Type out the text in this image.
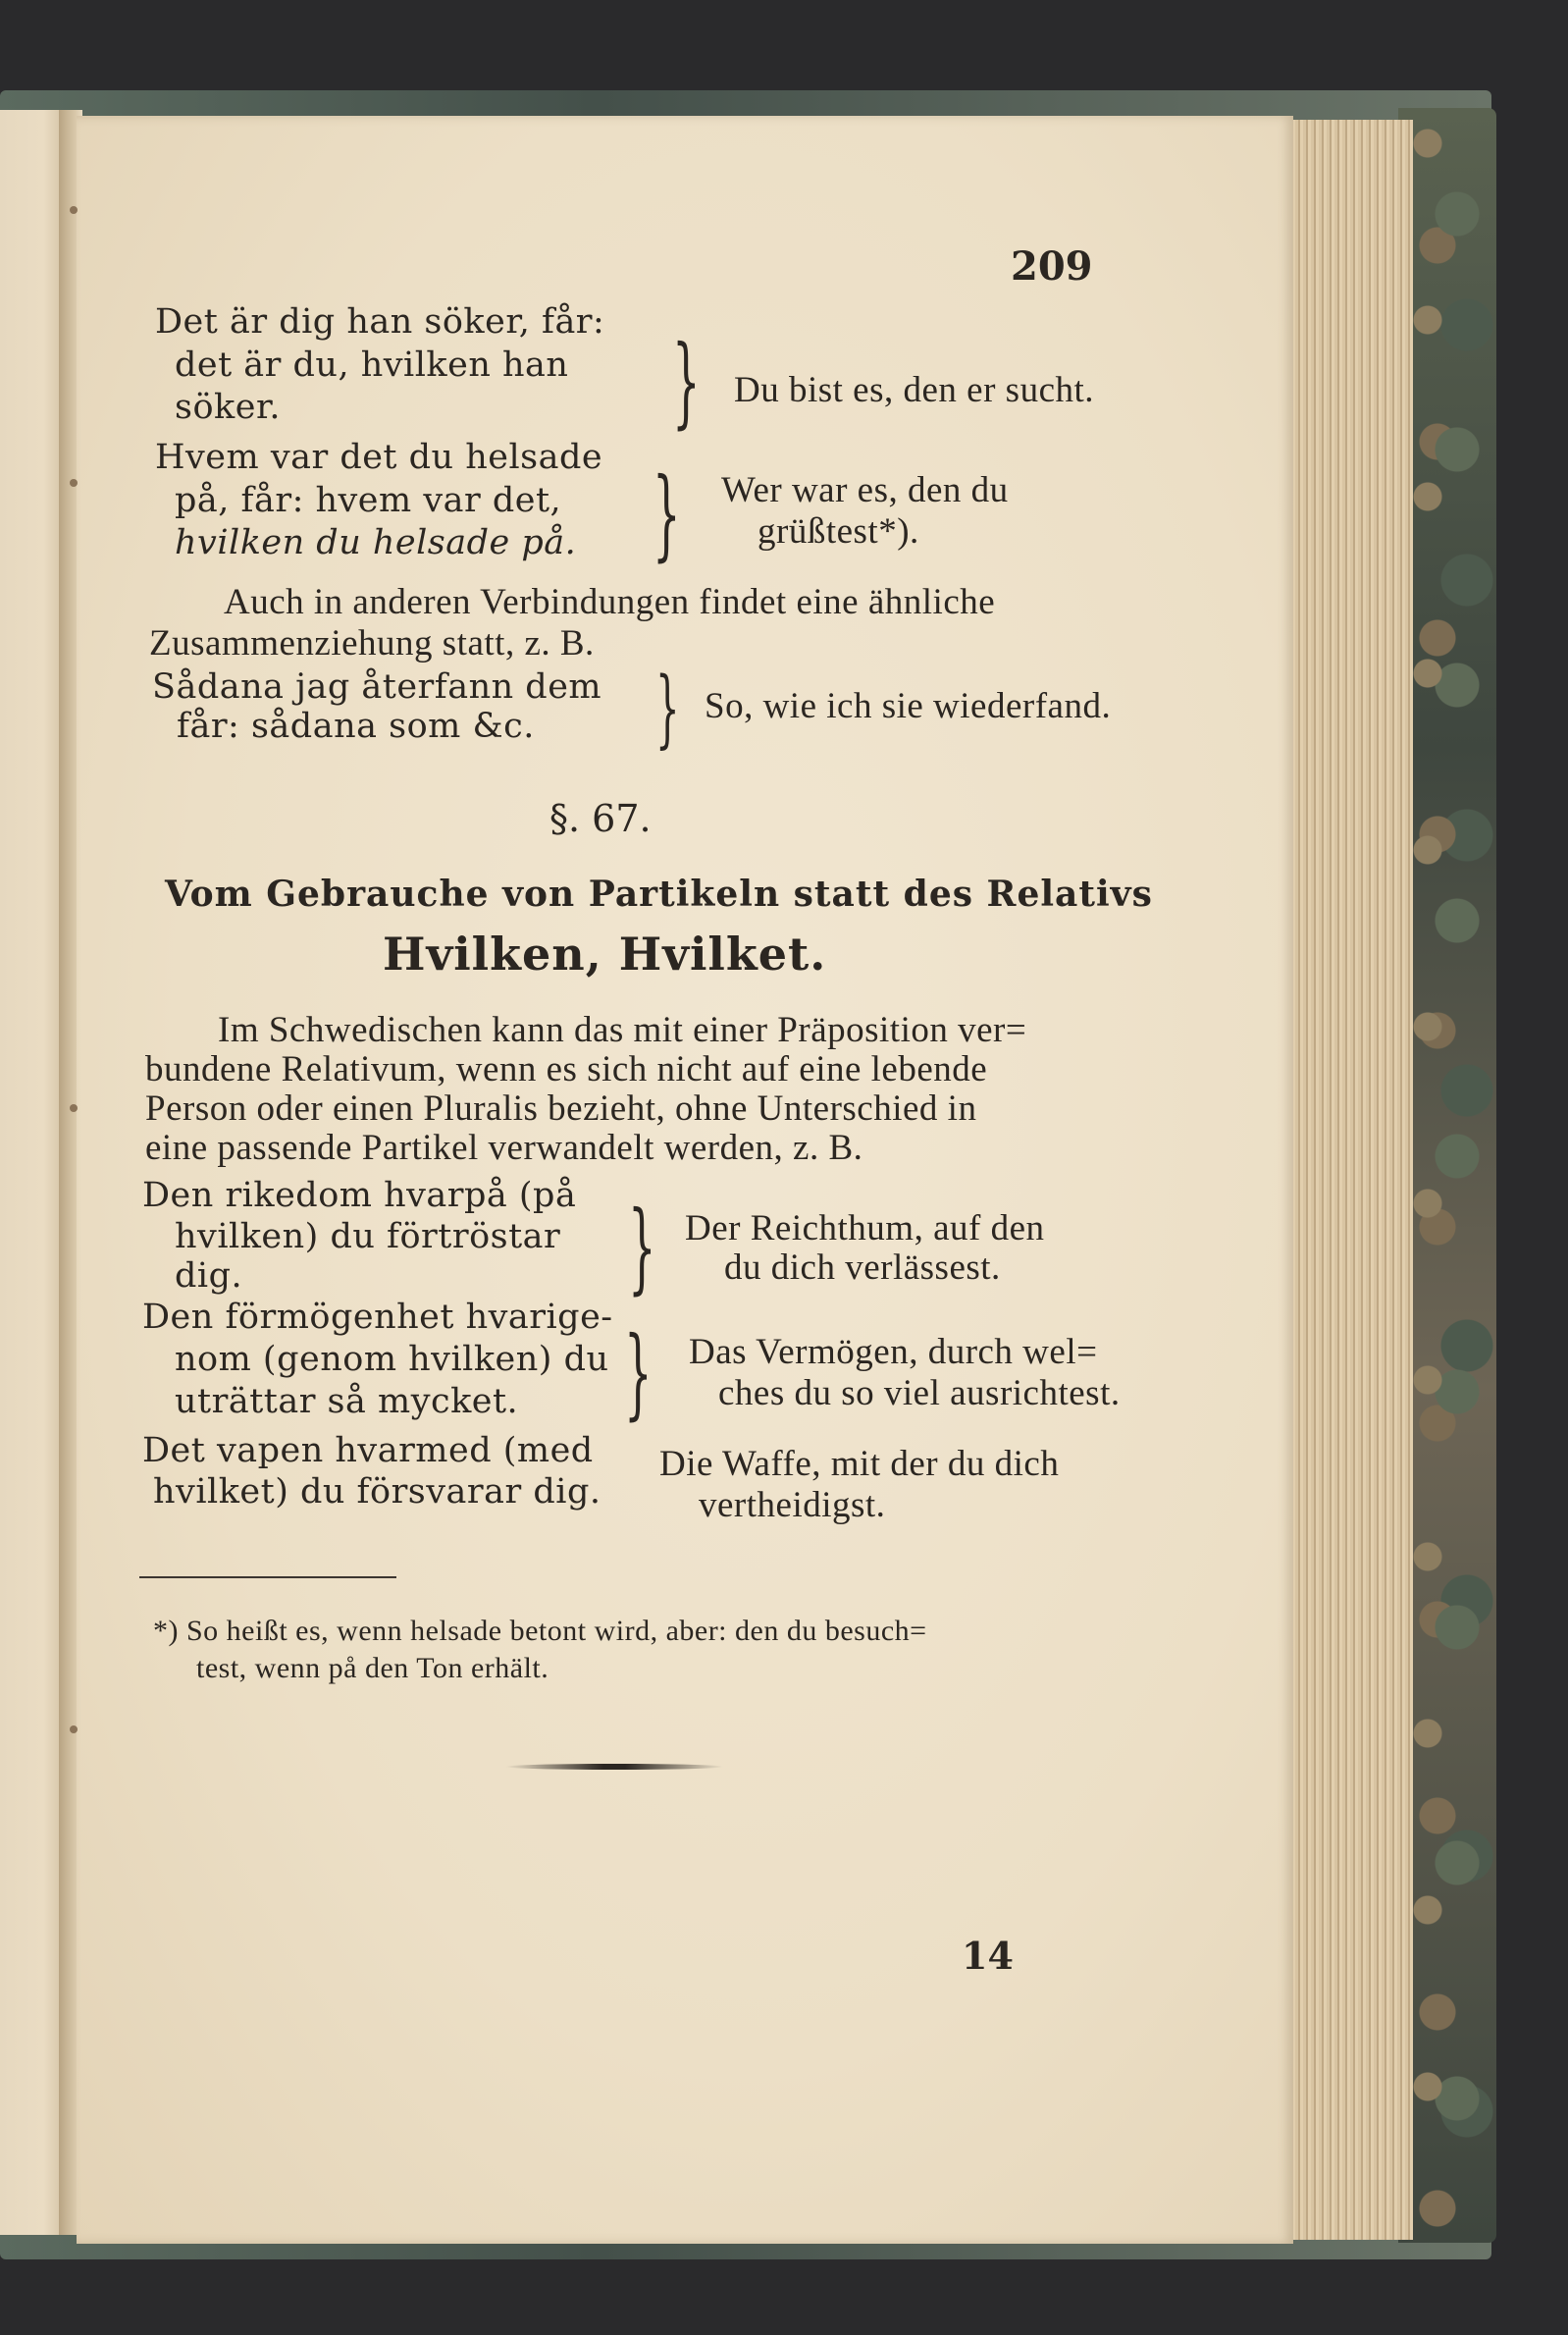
209

Det är dig han söker, får:

det är du, hvilken han

söker.	} Du bist es, den er sucht.

Hvem var det du helsade

på, får: hvem var det,

hvilken du helsade på. } Wer war es, den du

grüßtest*).

Auch in anderen Verbindungen findet eine ähnliche

Zusammenziehung statt, z. B.

Sådana jag återfann dem

får: sådana som &c. } So, wie ich sie wiederfand.

§. 67.
Vom Gebrauche von Partikeln statt des Relativs
Hvilken, Hvilket.

Im Schwedischen kann das mit einer Präposition ver=

bundene Relativum, wenn es sich nicht auf eine lebende

Person oder einen Pluralis bezieht, ohne Unterschied in

eine passende Partikel verwandelt werden, z. B.

Den rikedom hvarpå (på

hvilken) du förtröstar

dig.	} Der Reichthum, auf den

du dich verlässest.

Den förmögenhet hvarige-

nom (genom hvilken) du

uträttar så mycket. } Das Vermögen, durch wel=

ches du so viel ausrichtest.

Det vapen hvarmed (med

hvilket) du försvarar dig.

Die Waffe, mit der du dich

vertheidigst.

*) So heißt es, wenn helsade betont wird, aber: den du besuch=

test, wenn på den Ton erhält.

14
